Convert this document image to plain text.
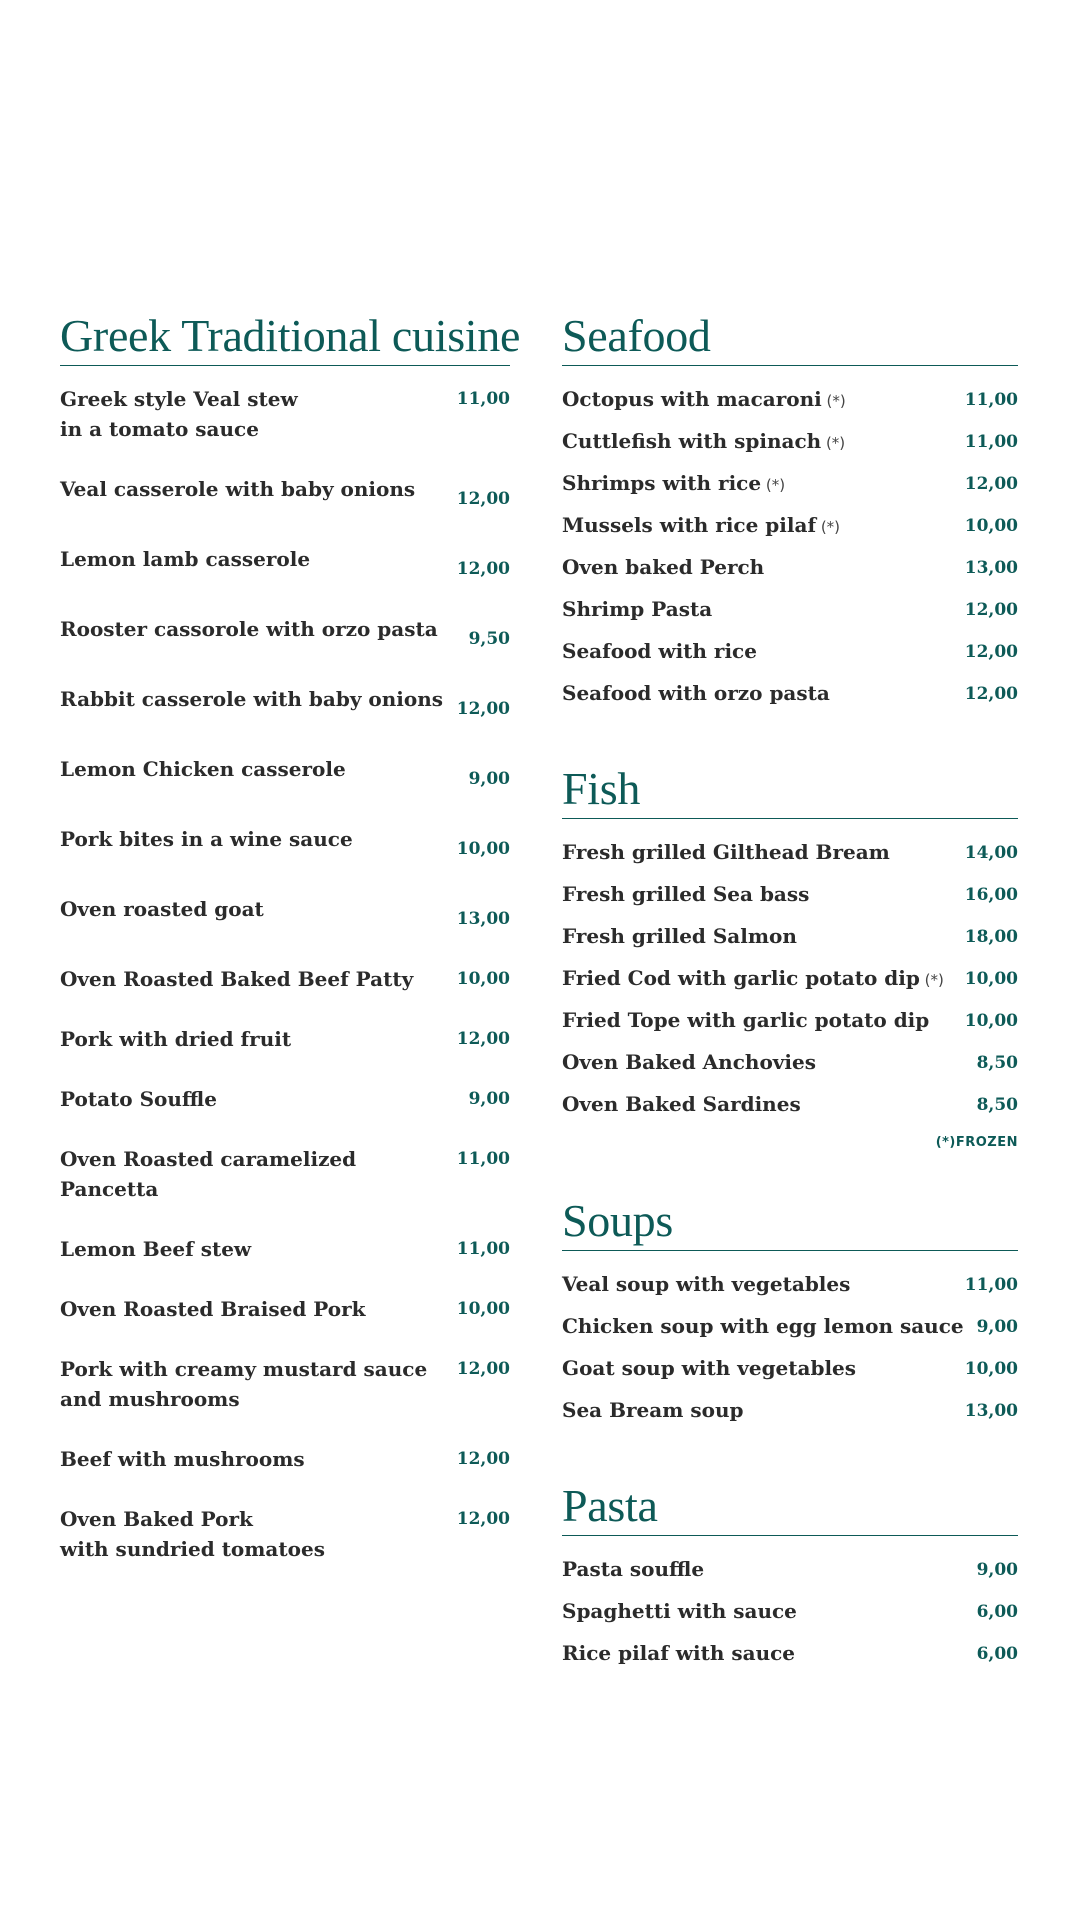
Greek Traditional cuisine
Greek style Veal stew
in a tomato sauce
11,00
Veal casserole with baby onions	12,00
Lemon lamb casserole	12,00
Rooster cassorole with orzo pasta	9,50
Rabbit casserole with baby onions 12,00
Lemon Chicken casserole	9,00
Pork bites in a wine sauce	10,00
Oven roasted goat	13,00
Oven Roasted Baked Beef Patty	10,00
Pork with dried fruit	12,00
Potato Souffle	9,00
Oven Roasted caramelized Pancetta
11,00
Lemon Beef stew	11,00
Oven Roasted Braised Pork	10,00
Pork with creamy mustard sauce
and mushrooms
12,00
Beef with mushrooms	12,00
Oven Baked Pork
with sundried tomatoes
12,00
Seafood
Octopus with macaroni (*)	11,00
Cuttlefish with spinach (*)	11,00
Shrimps with rice (*)	12,00
Mussels with rice pilaf (*)	10,00
Oven baked Perch	13,00
Shrimp Pasta	12,00
Seafood with rice	12,00
Seafood with orzo pasta	12,00
Fish
Fresh grilled Gilthead Bream	14,00
Fresh grilled Sea bass	16,00
Fresh grilled Salmon	18,00
Fried Cod with garlic potato dip (*)	10,00
Fried Tope with garlic potato dip	10,00
Oven Baked Anchovies	8,50
Oven Baked Sardines	8,50
(*)FROZEN
Soups
Veal soup with vegetables	11,00
Chicken soup with egg lemon sauce 9,00
Goat soup with vegetables	10,00
Sea Bream soup	13,00
Pasta
Pasta souffle	9,00
Spaghetti with sauce	6,00
Rice pilaf with sauce	6,00
